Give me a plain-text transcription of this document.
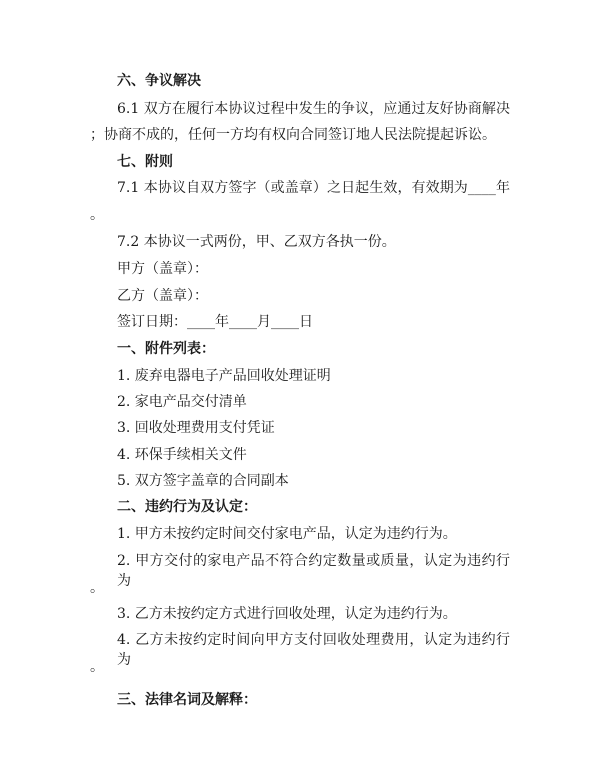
六、争议解决
6.1 双方在履行本协议过程中发生的争议，应通过友好协商解决
；协商不成的，任何一方均有权向合同签订地人民法院提起诉讼。
七、附则
7.1 本协议自双方签字（或盖章）之日起生效，有效期为____年
。
7.2 本协议一式两份，甲、乙双方各执一份。
甲方（盖章）：
乙方（盖章）：
签订日期：____年____月____日
一、附件列表：
1. 废弃电器电子产品回收处理证明
2. 家电产品交付清单
3. 回收处理费用支付凭证
4. 环保手续相关文件
5. 双方签字盖章的合同副本
二、违约行为及认定：
1. 甲方未按约定时间交付家电产品，认定为违约行为。
2. 甲方交付的家电产品不符合约定数量或质量，认定为违约行为
。
3. 乙方未按约定方式进行回收处理，认定为违约行为。
4. 乙方未按约定时间向甲方支付回收处理费用，认定为违约行为
。
三、法律名词及解释：
